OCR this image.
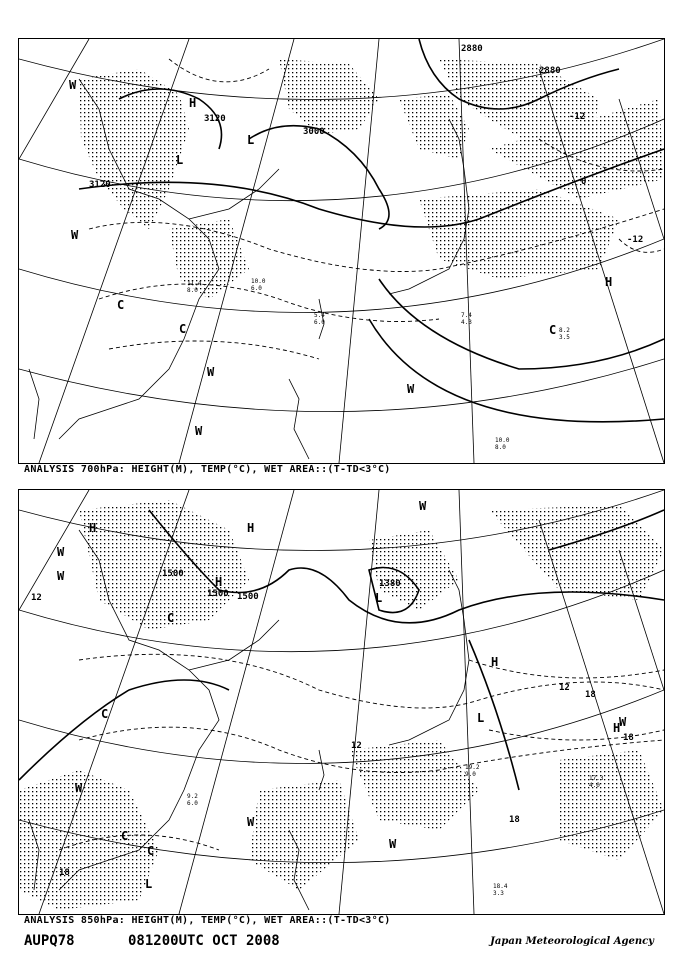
3120
3120
3000
2880
2880
-12
0
-12
H
L
W
W
C
C
W
W
W
H
C
L
8.2
3.5
10.0
8.0
7.4
4.3
11.4
8.0
10.0
6.0
5.4
6.0
ANALYSIS 700hPa: HEIGHT(M), TEMP(°C), WET AREA::(T-TD<3°C)
1500
1500 1500
1380
12
18
12
18
18
18
12
H
H
W
H
C
L
C
W
C
W
W
W
H
H
L
C
W
L
W
18.4
3.3
17.3
4.0
19.2
9.0
9.2
6.0
ANALYSIS 850hPa: HEIGHT(M), TEMP(°C), WET AREA::(T-TD<3°C)
AUPQ78	081200UTC OCT 2008	Japan Meteorological Agency
